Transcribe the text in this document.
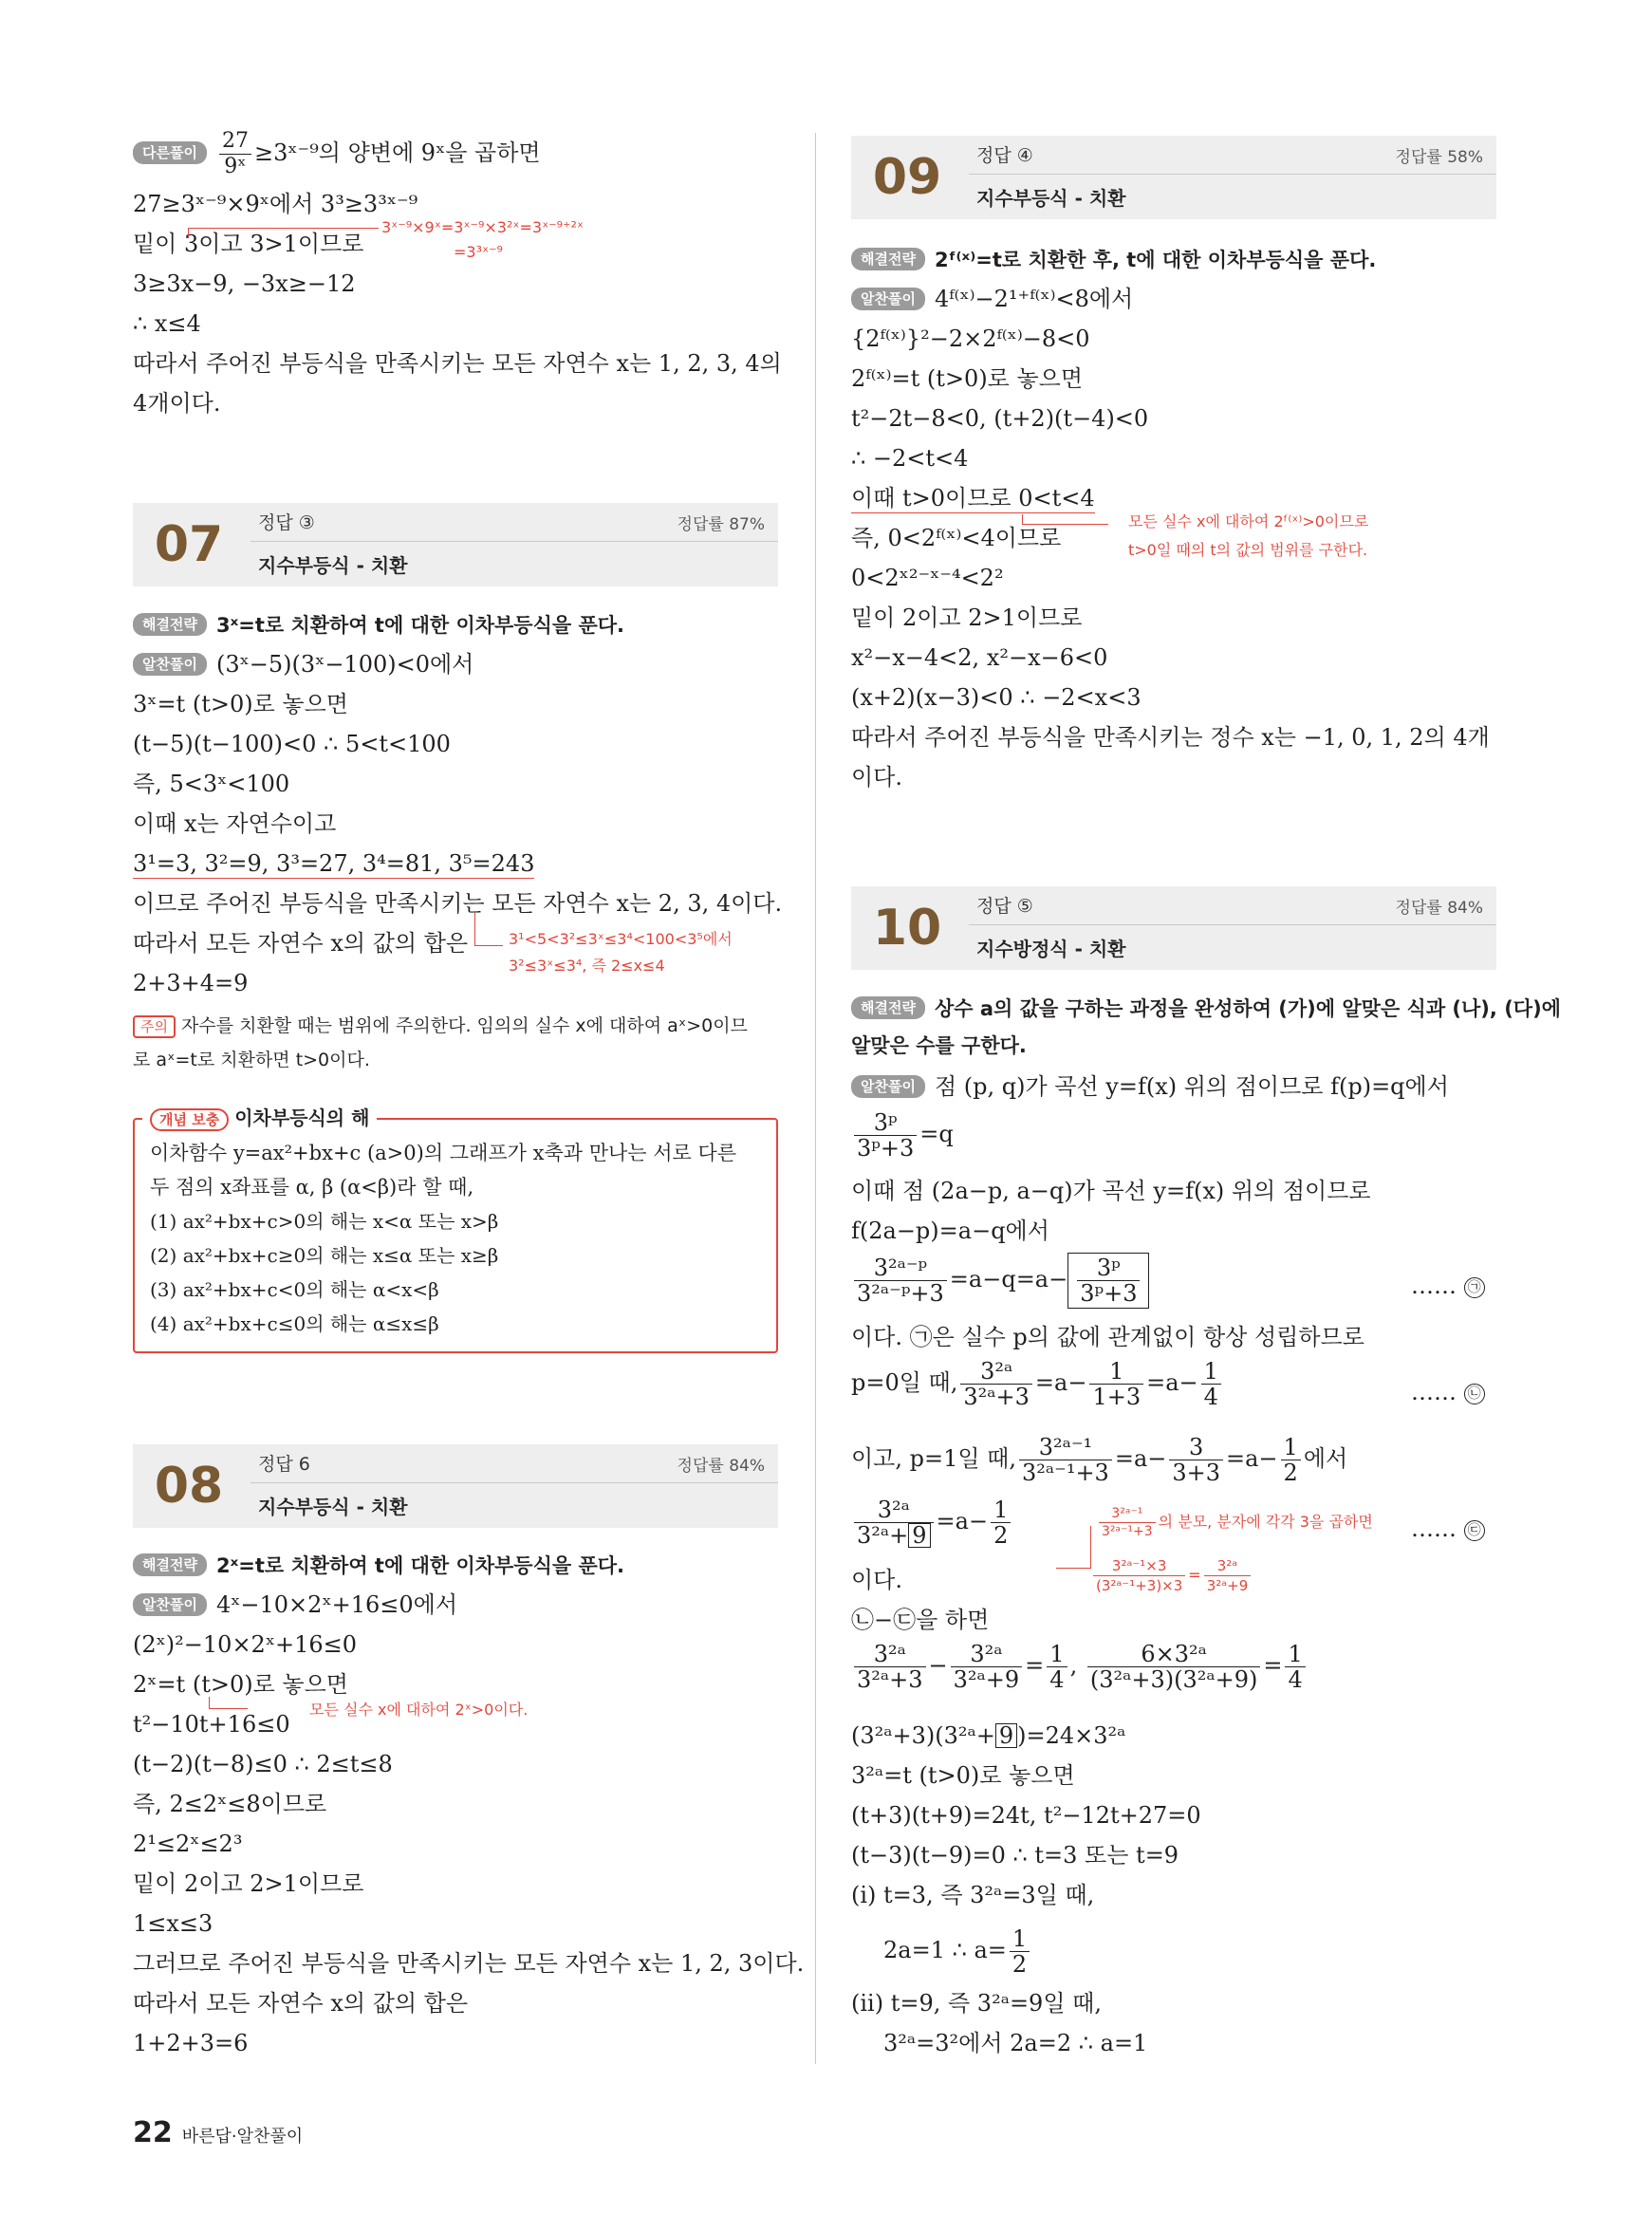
다른풀이 $\frac{27}{\text{9ˣ}}$ ≥3ˣ⁻⁹의 양변에 9ˣ을 곱하면
27≥3ˣ⁻⁹×9ˣ에서 3³≥3³ˣ⁻⁹
밑이 3이고 3>1이므로
3ˣ⁻⁹×9ˣ=3ˣ⁻⁹×3²ˣ=3ˣ⁻⁹⁺²ˣ
=3³ˣ⁻⁹
3≥3x−9, −3x≥−12
∴ x≤4
따라서 주어진 부등식을 만족시키는 모든 자연수 x는 1, 2, 3, 4의
4개이다.
07	정답 ③	정답률 87%
지수부등식 - 치환
해결전략 3ˣ=t로 치환하여 t에 대한 이차부등식을 푼다.
알찬풀이 (3ˣ−5)(3ˣ−100)<0에서
3ˣ=t (t>0)로 놓으면
(t−5)(t−100)<0 ∴ 5<t<100
즉, 5<3ˣ<100
이때 x는 자연수이고
3¹=3, 3²=9, 3³=27, 3⁴=81, 3⁵=243
이므로 주어진 부등식을 만족시키는 모든 자연수 x는 2, 3, 4이다.
따라서 모든 자연수 x의 값의 합은	3¹<5<3²≤3ˣ≤3⁴<100<3⁵에서
3²≤3ˣ≤3⁴, 즉 2≤x≤4
2+3+4=9
주의 자수를 치환할 때는 범위에 주의한다. 임의의 실수 x에 대하여 aˣ>0이므
로 aˣ=t로 치환하면 t>0이다.
개념 보충 이차부등식의 해
이차함수 y=ax²+bx+c (a>0)의 그래프가 x축과 만나는 서로 다른
두 점의 x좌표를 α, β (α<β)라 할 때,
(1) ax²+bx+c>0의 해는 x<α 또는 x>β
(2) ax²+bx+c≥0의 해는 x≤α 또는 x≥β
(3) ax²+bx+c<0의 해는 α<x<β
(4) ax²+bx+c≤0의 해는 α≤x≤β
08	정답 6	정답률 84%
지수부등식 - 치환
해결전략 2ˣ=t로 치환하여 t에 대한 이차부등식을 푼다.
알찬풀이 4ˣ−10×2ˣ+16≤0에서
(2ˣ)²−10×2ˣ+16≤0
2ˣ=t (t>0)로 놓으면
t²−10t+16≤0
모든 실수 x에 대하여 2ˣ>0이다.
(t−2)(t−8)≤0 ∴ 2≤t≤8
즉, 2≤2ˣ≤8이므로
2¹≤2ˣ≤2³
밑이 2이고 2>1이므로
1≤x≤3
그러므로 주어진 부등식을 만족시키는 모든 자연수 x는 1, 2, 3이다.
따라서 모든 자연수 x의 값의 합은
1+2+3=6
09	정답 ④	정답률 58%
지수부등식 - 치환
해결전략 2ᶠ⁽ˣ⁾=t로 치환한 후, t에 대한 이차부등식을 푼다.
알찬풀이 4ᶠ⁽ˣ⁾−2¹⁺ᶠ⁽ˣ⁾<8에서
{2ᶠ⁽ˣ⁾}²−2×2ᶠ⁽ˣ⁾−8<0
2ᶠ⁽ˣ⁾=t (t>0)로 놓으면
t²−2t−8<0, (t+2)(t−4)<0
∴ −2<t<4
이때 t>0이므로 0<t<4
모든 실수 x에 대하여 2ᶠ⁽ˣ⁾>0이므로
t>0일 때의 t의 값의 범위를 구한다.
즉, 0<2ᶠ⁽ˣ⁾<4이므로
0<2ˣ²⁻ˣ⁻⁴<2²
밑이 2이고 2>1이므로
x²−x−4<2, x²−x−6<0
(x+2)(x−3)<0 ∴ −2<x<3
따라서 주어진 부등식을 만족시키는 정수 x는 −1, 0, 1, 2의 4개
이다.
10	정답 ⑤	정답률 84%
지수방정식 - 치환
해결전략 상수 a의 값을 구하는 과정을 완성하여 (가)에 알맞은 식과 (나), (다)에
알맞은 수를 구한다.
알찬풀이 점 (p, q)가 곡선 y=f(x) 위의 점이므로 f(p)=q에서
$\frac{\text{3ᵖ}}{\text{3ᵖ+3}} =q$
이때 점 (2a−p, a−q)가 곡선 y=f(x) 위의 점이므로
f(2a−p)=a−q에서
$\frac{\text{3²ᵃ⁻ᵖ}}{\text{3²ᵃ⁻ᵖ+3}} =a-q=a- \frac{\text{3ᵖ}}{\text{3ᵖ+3}}$	…… ㉠
이다. ㉠은 실수 p의 값에 관계없이 항상 성립하므로
p=0일 때, $\frac{\text{3²ᵃ}}{\text{3²ᵃ+3}} =a- \frac{1}{1+3} =a- \frac{1}{4}$	…… ㉡
이고, p=1일 때, $\frac{\text{3²ᵃ⁻¹}}{\text{3²ᵃ⁻¹+3}} =a- \frac{3}{3+3} =a- \frac{1}{2}$ 에서
$\frac{\text{3²ᵃ}}{\text{3²ᵃ+ 9}} =a- \frac{1}{2}$	…… ㉢
$\frac{\text{3²ᵃ⁻¹}}{\text{3²ᵃ⁻¹+3}}$ 의 분모, 분자에 각각 3을 곱하면
$\frac{\text{3²ᵃ⁻¹×3}}{\text{(3²ᵃ⁻¹+3)×3}} = \frac{\text{3²ᵃ}}{\text{3²ᵃ+9}}$
이다.
㉡−㉢을 하면
$\frac{\text{3²ᵃ}}{\text{3²ᵃ+3}} - \frac{\text{3²ᵃ}}{\text{3²ᵃ+9}} = \frac{1}{4}$ , $\frac{\text{6×3²ᵃ}}{\text{(3²ᵃ+3)(3²ᵃ+9)}} = \frac{1}{4}$
(3²ᵃ+3)(3²ᵃ+ 9 )=24×3²ᵃ
3²ᵃ=t (t>0)로 놓으면
(t+3)(t+9)=24t, t²−12t+27=0
(t−3)(t−9)=0 ∴ t=3 또는 t=9
(i) t=3, 즉 3²ᵃ=3일 때,
2a=1 ∴ $a= \frac{1}{2}$
(ii) t=9, 즉 3²ᵃ=9일 때,
3²ᵃ=3²에서 2a=2 ∴ a=1
22 바른답·알찬풀이
